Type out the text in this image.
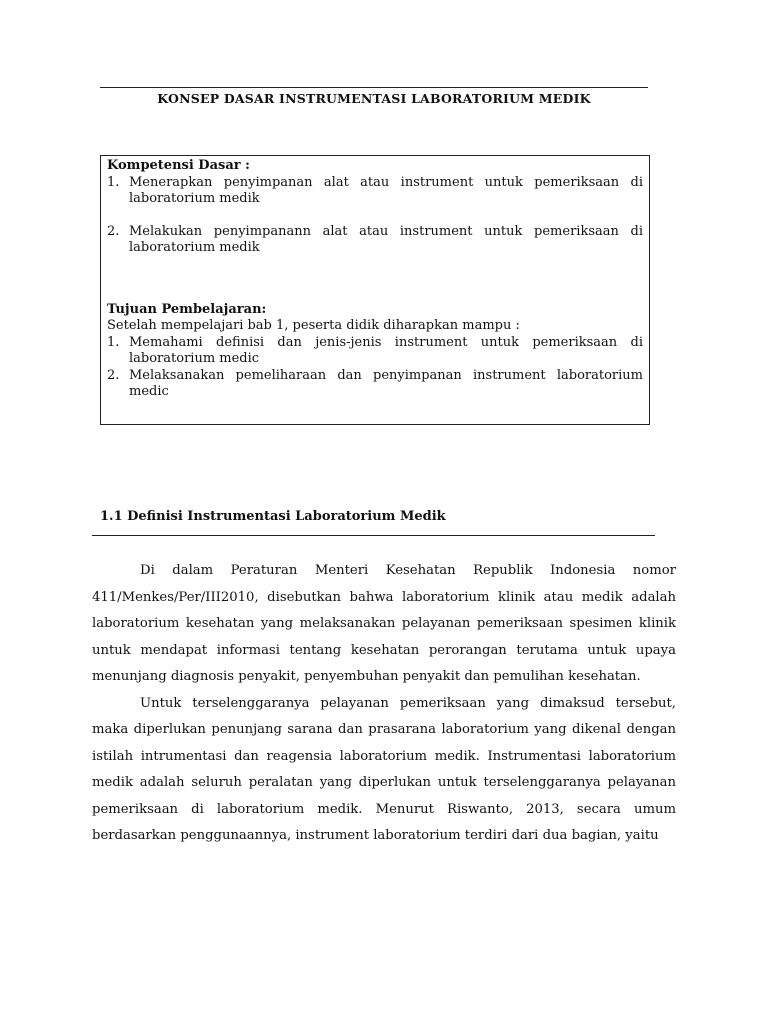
KONSEP DASAR INSTRUMENTASI LABORATORIUM MEDIK
Kompetensi Dasar :
1. Menerapkan penyimpanan alat atau instrument untuk pemeriksaan di laboratorium medik
2. Melakukan penyimpanann alat atau instrument untuk pemeriksaan di laboratorium medik
Tujuan Pembelajaran:
Setelah mempelajari bab 1, peserta didik diharapkan mampu :
1. Memahami definisi dan jenis-jenis instrument untuk pemeriksaan di laboratorium medic
2. Melaksanakan pemeliharaan dan penyimpanan instrument laboratorium medic
1.1 Definisi Instrumentasi Laboratorium Medik

Di dalam Peraturan Menteri Kesehatan Republik Indonesia nomor 411/Menkes/Per/III2010, disebutkan bahwa laboratorium klinik atau medik adalah laboratorium kesehatan yang melaksanakan pelayanan pemeriksaan spesimen klinik untuk mendapat informasi tentang kesehatan perorangan terutama untuk upaya menunjang diagnosis penyakit, penyembuhan penyakit dan pemulihan kesehatan.

Untuk terselenggaranya pelayanan pemeriksaan yang dimaksud tersebut, maka diperlukan penunjang sarana dan prasarana laboratorium yang dikenal dengan istilah intrumentasi dan reagensia laboratorium medik. Instrumentasi laboratorium medik adalah seluruh peralatan yang diperlukan untuk terselenggaranya pelayanan pemeriksaan di laboratorium medik. Menurut Riswanto, 2013, secara umum berdasarkan penggunaannya, instrument laboratorium terdiri dari dua bagian, yaitu
